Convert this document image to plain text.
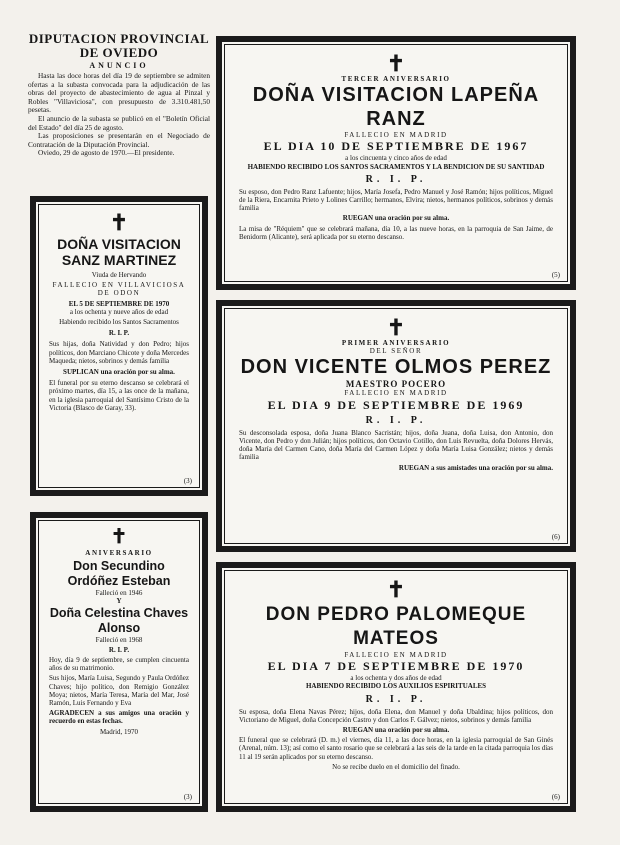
DIPUTACION PROVINCIAL
DE OVIEDO
ANUNCIO

Hasta las doce horas del día 19 de septiembre se admiten ofertas a la subasta convocada para la adjudicación de las obras del proyecto de abastecimiento de agua al Pinzal y Robles "Villaviciosa", con presupuesto de 3.310.481,50 pesetas.

El anuncio de la subasta se publicó en el "Boletín Oficial del Estado" del día 25 de agosto.

Las proposiciones se presentarán en el Negociado de Contratación de la Diputación Provincial.

Oviedo, 29 de agosto de 1970.—El presidente.

✝
DOÑA VISITACION SANZ MARTINEZ
Viuda de Hervando
FALLECIO EN VILLAVICIOSA DE ODON
EL 5 DE SEPTIEMBRE DE 1970
a los ochenta y nueve años de edad
Habiendo recibido los Santos Sacramentos
R. I. P.

Sus hijas, doña Natividad y don Pedro; hijos políticos, don Marciano Chicote y doña Mercedes Maqueda; nietos, sobrinos y demás familia

SUPLICAN una oración por su alma.

El funeral por su eterno descanso se celebrará el próximo martes, día 15, a las once de la mañana, en la iglesia parroquial del Santísimo Cristo de la Victoria (Blasco de Garay, 33).

(3)
✝
ANIVERSARIO
Don Secundino Ordóñez Esteban
Falleció en 1946
Y
Doña Celestina Chaves Alonso
Falleció en 1968
R. I. P.

Hoy, día 9 de septiembre, se cumplen cincuenta años de su matrimonio.

Sus hijos, María Luisa, Segundo y Paula Ordóñez Chaves; hijo político, don Remigio González Moya; nietos, María Teresa, María del Mar, José Ramón, Luis Fernando y Eva

AGRADECEN a sus amigos una oración y recuerdo en estas fechas.

Madrid, 1970
(3)
✝
TERCER ANIVERSARIO
DOÑA VISITACION LAPEÑA RANZ
FALLECIO EN MADRID
EL DIA 10 DE SEPTIEMBRE DE 1967
a los cincuenta y cinco años de edad
HABIENDO RECIBIDO LOS SANTOS SACRAMENTOS Y LA BENDICION DE SU SANTIDAD
R. I. P.

Su esposo, don Pedro Ranz Lafuente; hijos, María Josefa, Pedro Manuel y José Ramón; hijos políticos, Miguel de la Riera, Encarnita Prieto y Lolines Carrillo; hermanos, Elvira; nietos, hermanos políticos, sobrinos y demás familia

RUEGAN una oración por su alma.

La misa de "Réquiem" que se celebrará mañana, día 10, a las nueve horas, en la parroquia de San Jaime, de Benidorm (Alicante), será aplicada por su eterno descanso.

(5)
✝
PRIMER ANIVERSARIO
DEL SEÑOR
DON VICENTE OLMOS PEREZ
MAESTRO POCERO
FALLECIO EN MADRID
EL DIA 9 DE SEPTIEMBRE DE 1969
R. I. P.

Su desconsolada esposa, doña Juana Blanco Sacristán; hijos, doña Juana, doña Luisa, don Antonio, don Vicente, don Pedro y don Julián; hijos políticos, don Octavio Cotillo, don Luis Revuelta, doña Dolores Hervás, doña María del Carmen Cano, doña María del Carmen López y doña María Luisa González; nietos y demás familia

RUEGAN a sus amistades una oración por su alma.
(6)
✝
DON PEDRO PALOMEQUE MATEOS
FALLECIO EN MADRID
EL DIA 7 DE SEPTIEMBRE DE 1970
a los ochenta y dos años de edad
HABIENDO RECIBIDO LOS AUXILIOS ESPIRITUALES
R. I. P.

Su esposa, doña Elena Navas Pérez; hijos, doña Elena, don Manuel y doña Ubaldina; hijos políticos, don Victoriano de Miguel, doña Concepción Castro y don Carlos F. Gálvez; nietos, sobrinos y demás familia

RUEGAN una oración por su alma.

El funeral que se celebrará (D. m.) el viernes, día 11, a las doce horas, en la iglesia parroquial de San Ginés (Arenal, núm. 13); así como el santo rosario que se celebrará a las seis de la tarde en la citada parroquia los días 11 al 19 serán aplicados por su eterno descanso.

No se recibe duelo en el domicilio del finado.
(6)
